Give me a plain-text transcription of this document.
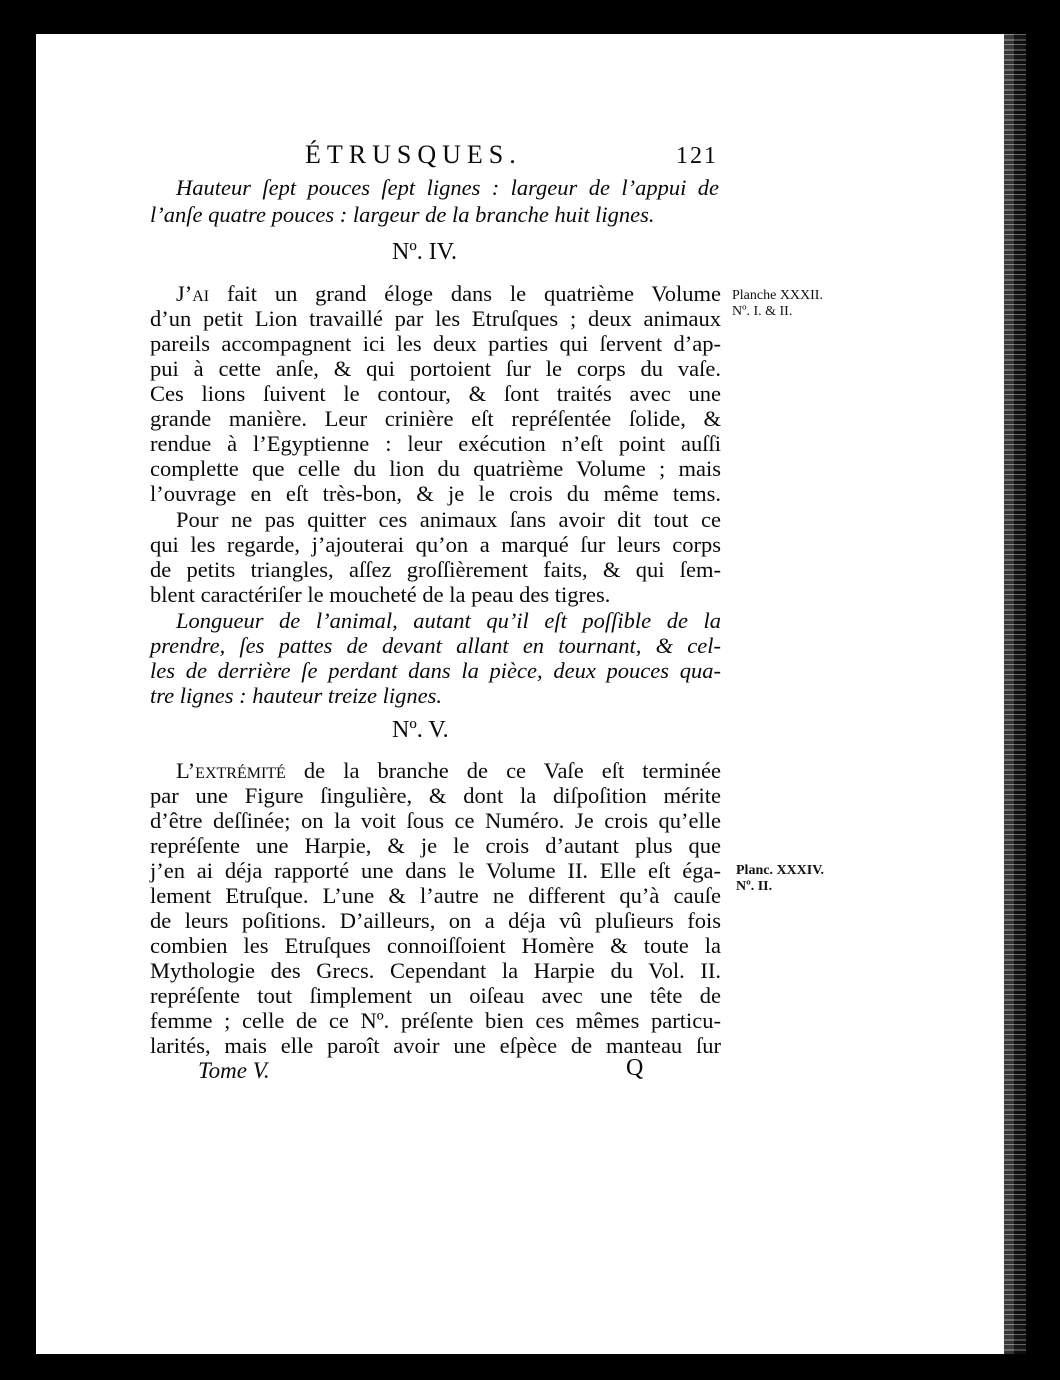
ÉTRUSQUES.	121
Hauteur ſept pouces ſept lignes : largeur de l’appui de
l’anſe quatre pouces : largeur de la branche huit lignes.
Nº. IV.
J’ai fait un grand éloge dans le quatrième Volume
d’un petit Lion travaillé par les Etruſques ; deux animaux
pareils accompagnent ici les deux parties qui ſervent d’ap-
pui à cette anſe, & qui portoient ſur le corps du vaſe.
Ces lions ſuivent le contour, & ſont traités avec une
grande manière. Leur crinière eſt repréſentée ſolide, &
rendue à l’Egyptienne : leur exécution n’eſt point auſſi
complette que celle du lion du quatrième Volume ; mais
l’ouvrage en eſt très-bon, & je le crois du même tems.
Pour ne pas quitter ces animaux ſans avoir dit tout ce
qui les regarde, j’ajouterai qu’on a marqué ſur leurs corps
de petits triangles, aſſez groſſièrement faits, & qui ſem-
blent caractériſer le moucheté de la peau des tigres.
Longueur de l’animal, autant qu’il eſt poſſible de la
prendre, ſes pattes de devant allant en tournant, & cel-
les de derrière ſe perdant dans la pièce, deux pouces qua-
tre lignes : hauteur treize lignes.
Planche XXXII.
Nº. I. & II.
Nº. V.
L’extrémité de la branche de ce Vaſe eſt terminée
par une Figure ſingulière, & dont la diſpoſition mérite
d’être deſſinée; on la voit ſous ce Numéro. Je crois qu’elle
repréſente une Harpie, & je le crois d’autant plus que
j’en ai déja rapporté une dans le Volume II. Elle eſt éga-
lement Etruſque. L’une & l’autre ne different qu’à cauſe
de leurs poſitions. D’ailleurs, on a déja vû pluſieurs fois
combien les Etruſques connoiſſoient Homère & toute la
Mythologie des Grecs. Cependant la Harpie du Vol. II.
repréſente tout ſimplement un oiſeau avec une tête de
femme ; celle de ce Nº. préſente bien ces mêmes particu-
larités, mais elle paroît avoir une eſpèce de manteau ſur
Planc. XXXIV.
Nº. II.
Tome V.	Q
